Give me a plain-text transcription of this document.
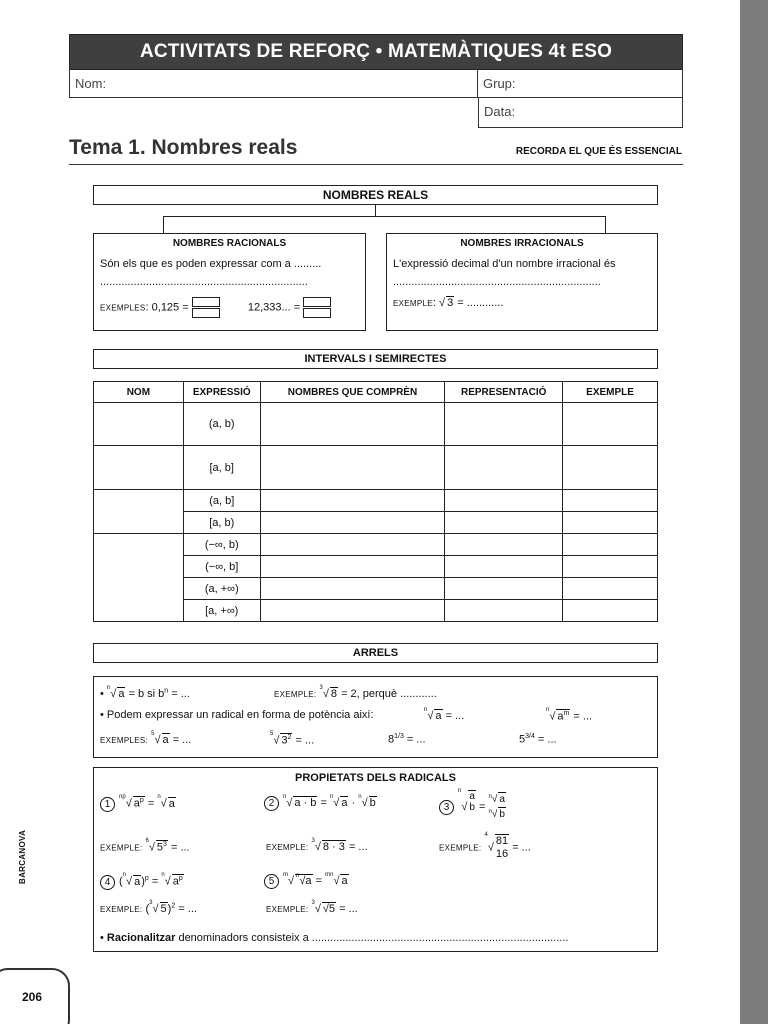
ACTIVITATS DE REFORÇ • MATEMÀTIQUES 4t ESO
Nom:	Grup:
Data:
Tema 1. Nombres reals	RECORDA EL QUE ÉS ESSENCIAL
NOMBRES REALS
NOMBRES RACIONALS
Són els que es poden expressar com a .........
....................................................................
EXEMPLES: 0,125 =	12,333... =
NOMBRES IRRACIONALS
L'expressió decimal d'un nombre irracional és
....................................................................
EXEMPLE: √ 3 = ............
INTERVALS I SEMIRECTES
NOM	EXPRESSIÓ	NOMBRES QUE COMPRÈN	REPRESENTACIÓ	EXEMPLE
	(a, b)			
	[a, b]			
	(a, b]			
	[a, b)			
	(−∞, b)			
	(−∞, b]			
	(a, +∞)			
	[a, +∞)			
ARRELS
• $^n$√ a = b si $b^n$ = ...	EXEMPLE: $^3$√ 8 = 2, perquè ............
• Podem expressar un radical en forma de potència així:	$^n$√ a = ...	$^n$√ $a^m$ = ...
EXEMPLES: $^5$√ a = ...	$^5$√ $3^2$ = ...	$8^{1/3}$ = ...	$5^{3/4}$ = ...
PROPIETATS DELS RADICALS
$1^{np}√$ $a^p = ^n√$ a	2$^n$√ a · b = $^n$√ a · $^n$√ b	3$^n$√a
b = $^n$√ a
$^n$√ b
EXEMPLE: $^6$√ $5^3$ = ...	EXEMPLE: $^3$√ 8 · 3 = ...	EXEMPLE: $^4$√81
16 = ...
4 ($^n$√ a)$^p$ = $^n$√ $a^p$	5$^m$√ $^n$√a = $^{mn}$√ a
EXEMPLE: ($^3$√ 5)$^2$ = ...	EXEMPLE: $^3$√ √5 = ...
• Racionalitzar denominadors consisteix a ....................................................................................
BARCANOVA
206
